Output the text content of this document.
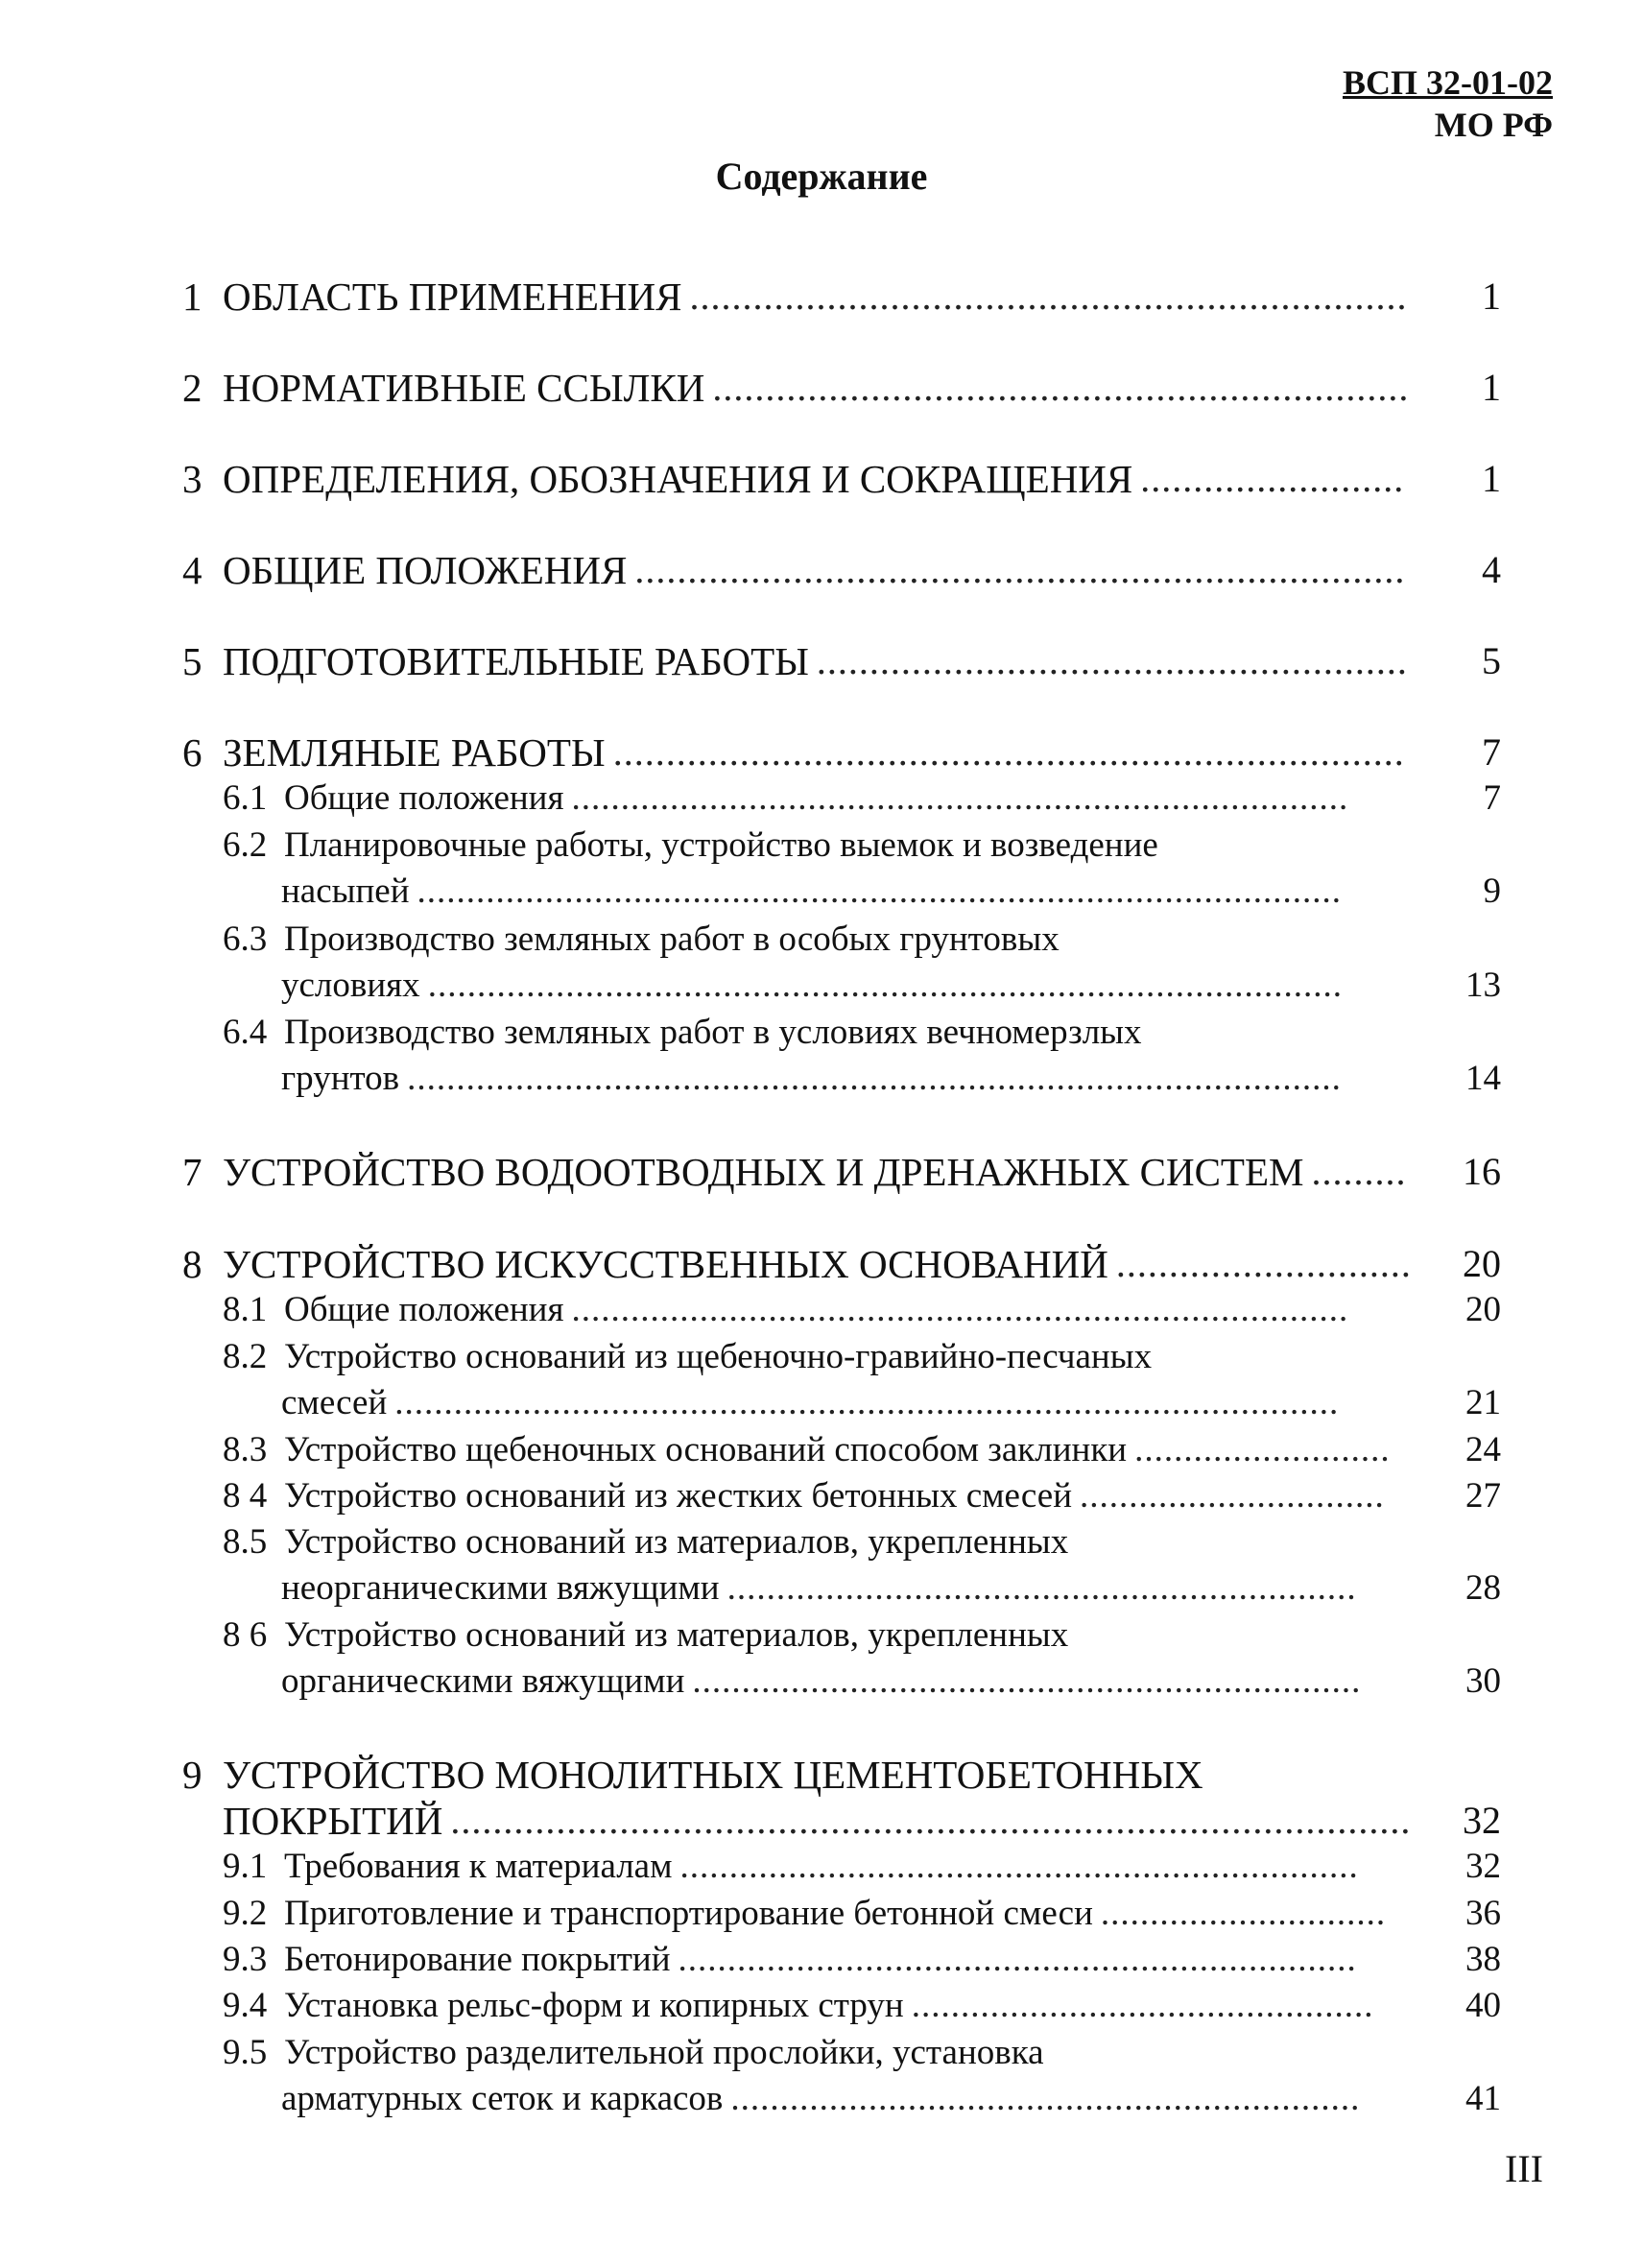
ВСП 32-01-02
МО РФ
Содержание
1 ОБЛАСТЬ ПРИМЕНЕНИЯ ....................................................................	1
2 НОРМАТИВНЫЕ ССЫЛКИ ..................................................................	1
3 ОПРЕДЕЛЕНИЯ, ОБОЗНАЧЕНИЯ И СОКРАЩЕНИЯ .........................	1
4 ОБЩИЕ ПОЛОЖЕНИЯ .........................................................................	4
5 ПОДГОТОВИТЕЛЬНЫЕ РАБОТЫ ........................................................	5
6 ЗЕМЛЯНЫЕ РАБОТЫ ...........................................................................	7
6.1 Общие положения ...............................................................................	7
6.2 Планировочные работы, устройство выемок и возведение
насыпей ..............................................................................................	9
6.3 Производство земляных работ в особых грунтовых
условиях .............................................................................................	13
6.4 Производство земляных работ в условиях вечномерзлых
грунтов ...............................................................................................	14
7 УСТРОЙСТВО ВОДООТВОДНЫХ И ДРЕНАЖНЫХ СИСТЕМ .........	16
8 УСТРОЙСТВО ИСКУССТВЕННЫХ ОСНОВАНИЙ ............................	20
8.1 Общие положения ...............................................................................	20
8.2 Устройство оснований из щебеночно-гравийно-песчаных
смесей ................................................................................................	21
8.3 Устройство щебеночных оснований способом заклинки ..........................	24
8 4 Устройство оснований из жестких бетонных смесей ...............................	27
8.5 Устройство оснований из материалов, укрепленных
неорганическими вяжущими ................................................................	28
8 6 Устройство оснований из материалов, укрепленных
органическими вяжущими ....................................................................	30
9 УСТРОЙСТВО МОНОЛИТНЫХ ЦЕМЕНТОБЕТОННЫХ
ПОКРЫТИЙ ...........................................................................................	32
9.1 Требования к материалам .....................................................................	32
9.2 Приготовление и транспортирование бетонной смеси .............................	36
9.3 Бетонирование покрытий .....................................................................	38
9.4 Установка рельс-форм и копирных струн ...............................................	40
9.5 Устройство разделительной прослойки, установка
арматурных сеток и каркасов ................................................................	41
III
